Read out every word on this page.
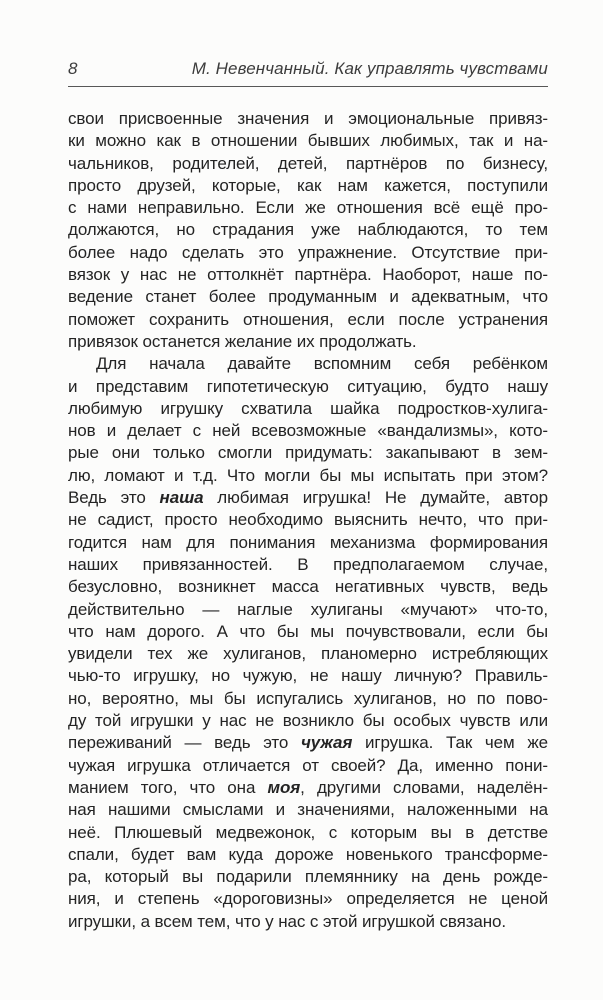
8	М. Невенчанный. Как управлять чувствами
свои присвоенные значения и эмоциональные привяз-
ки можно как в отношении бывших любимых, так и на-
чальников, родителей, детей, партнёров по бизнесу,
просто друзей, которые, как нам кажется, поступили
с нами неправильно. Если же отношения всё ещё про-
должаются, но страдания уже наблюдаются, то тем
более надо сделать это упражнение. Отсутствие при-
вязок у нас не оттолкнёт партнёра. Наоборот, наше по-
ведение станет более продуманным и адекватным, что
поможет сохранить отношения, если после устранения
привязок останется желание их продолжать.
Для начала давайте вспомним себя ребёнком
и представим гипотетическую ситуацию, будто нашу
любимую игрушку схватила шайка подростков-хулига-
нов и делает с ней всевозможные «вандализмы», кото-
рые они только смогли придумать: закапывают в зем-
лю, ломают и т.д. Что могли бы мы испытать при этом?
Ведь это наша любимая игрушка! Не думайте, автор
не садист, просто необходимо выяснить нечто, что при-
годится нам для понимания механизма формирования
наших привязанностей. В предполагаемом случае,
безусловно, возникнет масса негативных чувств, ведь
действительно — наглые хулиганы «мучают» что-то,
что нам дорого. А что бы мы почувствовали, если бы
увидели тех же хулиганов, планомерно истребляющих
чью-то игрушку, но чужую, не нашу личную? Правиль-
но, вероятно, мы бы испугались хулиганов, но по пово-
ду той игрушки у нас не возникло бы особых чувств или
переживаний — ведь это чужая игрушка. Так чем же
чужая игрушка отличается от своей? Да, именно пони-
манием того, что она моя, другими словами, наделён-
ная нашими смыслами и значениями, наложенными на
неё. Плюшевый медвежонок, с которым вы в детстве
спали, будет вам куда дороже новенького трансформе-
ра, который вы подарили племяннику на день рожде-
ния, и степень «дороговизны» определяется не ценой
игрушки, а всем тем, что у нас с этой игрушкой связано.
